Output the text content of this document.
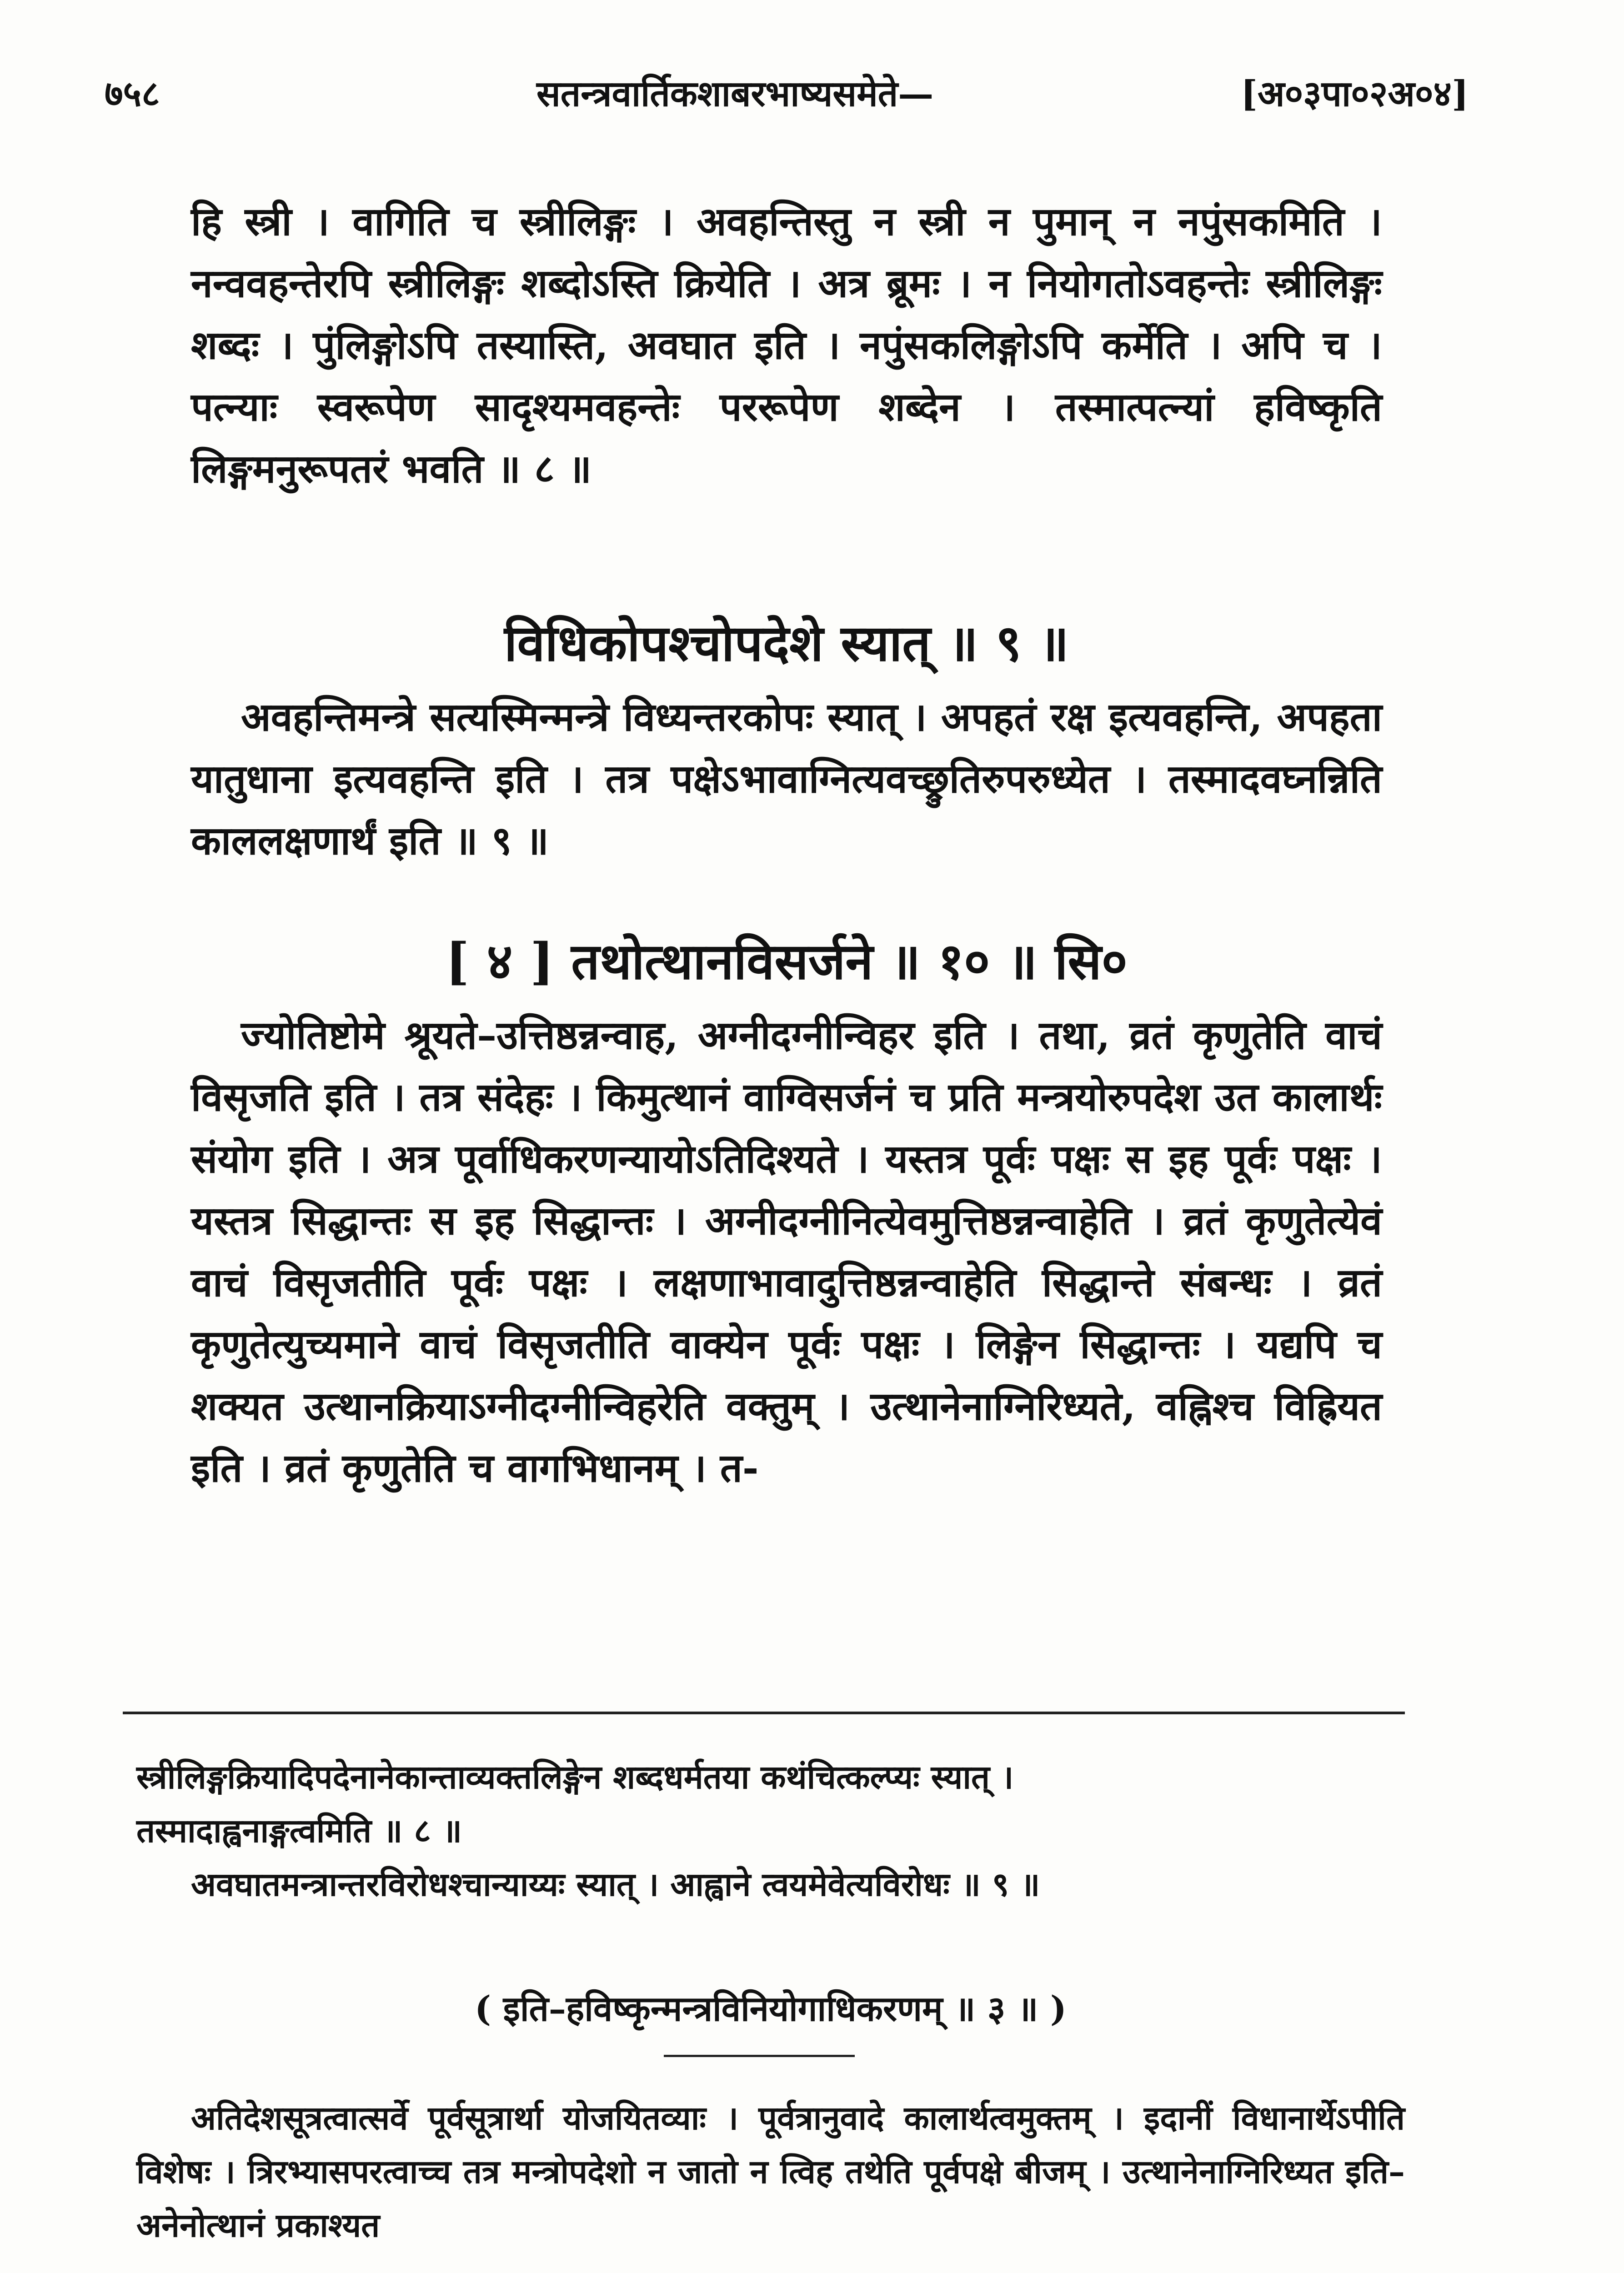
७५८	सतन्त्रवार्तिकशाबरभाष्यसमेते—	[अ०३पा०२अ०४]

हि स्त्री । वागिति च स्त्रीलिङ्गः । अवहन्तिस्तु न स्त्री न पुमान् न नपुंसकमिति । नन्ववहन्तेरपि स्त्रीलिङ्गः शब्दोऽस्ति क्रियेति । अत्र ब्रूमः । न नियोगतोऽवहन्तेः स्त्रीलिङ्गः शब्दः । पुंलिङ्गोऽपि तस्यास्ति, अवघात इति । नपुंसकलिङ्गोऽपि कर्मेति । अपि च । पत्न्याः स्वरूपेण सादृश्यमवहन्तेः पररूपेण शब्देन । तस्मात्पत्न्यां हविष्कृति लिङ्गमनुरूपतरं भवति ॥ ८ ॥

विधिकोपश्चोपदेशे स्यात् ॥ ९ ॥

अवहन्तिमन्त्रे सत्यस्मिन्मन्त्रे विध्यन्तरकोपः स्यात् । अपहतं रक्ष इत्यवहन्ति, अपहता यातुधाना इत्यवहन्ति इति । तत्र पक्षेऽभावाग्नित्यवच्छ्रुतिरुपरुध्येत । तस्मादवघ्नन्निति काललक्षणार्थं इति ॥ ९ ॥

[ ४ ] तथोत्थानविसर्जने ॥ १० ॥ सि०

ज्योतिष्टोमे श्रूयते–उत्तिष्ठन्नन्वाह, अग्नीदग्नीन्विहर इति । तथा, व्रतं कृणुतेति वाचं विसृजति इति । तत्र संदेहः । किमुत्थानं वाग्विसर्जनं च प्रति मन्त्रयोरुपदेश उत कालार्थः संयोग इति । अत्र पूर्वाधिकरणन्यायोऽतिदिश्यते । यस्तत्र पूर्वः पक्षः स इह पूर्वः पक्षः । यस्तत्र सिद्धान्तः स इह सिद्धान्तः । अग्नीदग्नीनित्येवमुत्तिष्ठन्नन्वाहेति । व्रतं कृणुतेत्येवं वाचं विसृजतीति पूर्वः पक्षः । लक्षणाभावादुत्तिष्ठन्नन्वाहेति सिद्धान्ते संबन्धः । व्रतं कृणुतेत्युच्यमाने वाचं विसृजतीति वाक्येन पूर्वः पक्षः । लिङ्गेन सिद्धान्तः । यद्यपि च शक्यत उत्थानक्रियाऽग्नीदग्नीन्विहरेति वक्तुम् । उत्थानेनाग्निरिध्यते, वह्निश्च विह्रियत इति । व्रतं कृणुतेति च वागभिधानम् । त-

स्त्रीलिङ्गक्रियादिपदेनानेकान्ताव्यक्तलिङ्गेन शब्दधर्मतया कथंचित्कल्प्यः स्यात् ।

तस्मादाह्वनाङ्गत्वमिति ॥ ८ ॥

अवघातमन्त्रान्तरविरोधश्चान्याय्यः स्यात् । आह्वाने त्वयमेवेत्यविरोधः ॥ ९ ॥

( इति–हविष्कृन्मन्त्रविनियोगाधिकरणम् ॥ ३ ॥ )

अतिदेशसूत्रत्वात्सर्वे पूर्वसूत्रार्था योजयितव्याः । पूर्वत्रानुवादे कालार्थत्वमुक्तम् । इदानीं विधानार्थेऽपीति विशेषः । त्रिरभ्यासपरत्वाच्च तत्र मन्त्रोपदेशो न जातो न त्विह तथेति पूर्वपक्षे बीजम् । उत्थानेनाग्निरिध्यत इति–अनेनोत्थानं प्रकाश्यत
